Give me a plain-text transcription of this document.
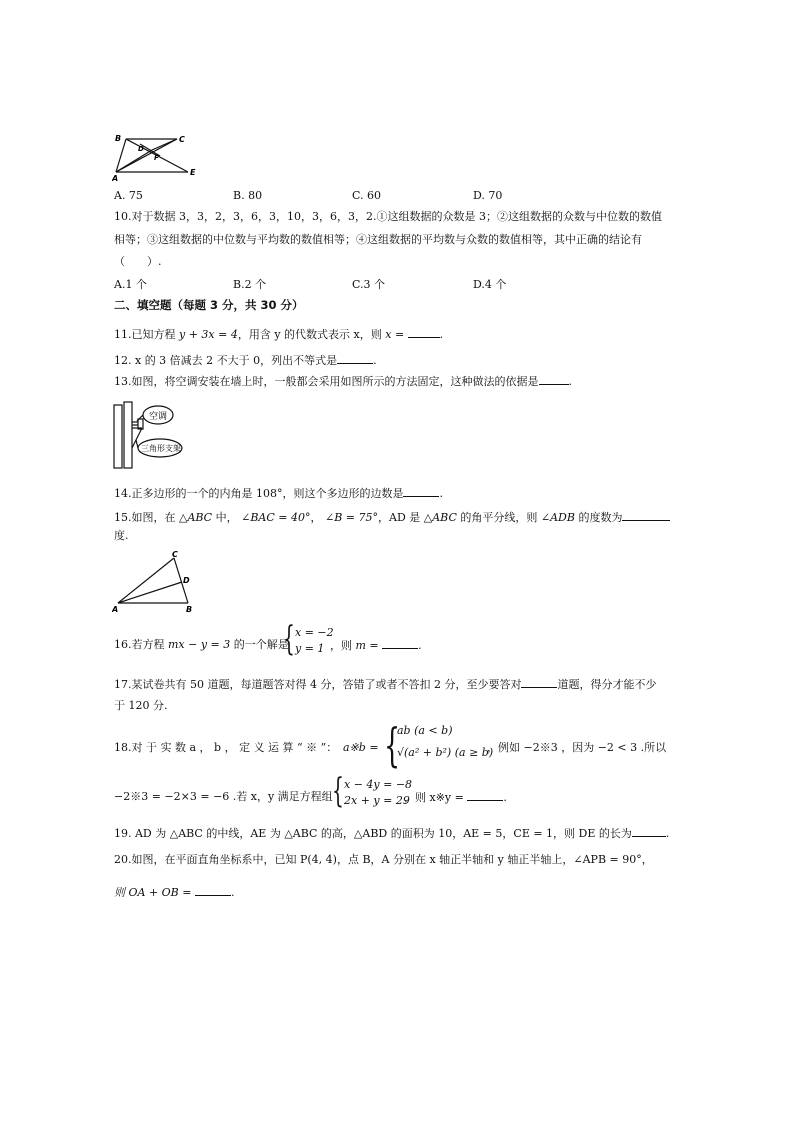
B	C
D
F
A
E
A. 75	B. 80	C. 60	D. 70
10.对于数据 3，3，2，3，6，3，10，3，6，3，2.①这组数据的众数是 3；②这组数据的众数与中位数的数值
相等；③这组数据的中位数与平均数的数值相等；④这组数据的平均数与众数的数值相等，其中正确的结论有
（　　）.
A.1 个	B.2 个	C.3 个	D.4 个
二、填空题（每题 3 分，共 30 分）
11.已知方程 y + 3x = 4，用含 y 的代数式表示 x，则 x =	.
12. x 的 3 倍减去 2 不大于 0，列出不等式是	.
13.如图，将空调安装在墙上时，一般都会采用如图所示的方法固定，这种做法的依据是	.
空调
三角形支架
14.正多边形的一个的内角是 108°，则这个多边形的边数是	.
15.如图，在 △ABC 中， ∠BAC = 40°， ∠B = 75°，AD 是 △ABC 的角平分线，则 ∠ADB 的度数为
度.
C
D
A	B
16.若方程 mx − y = 3 的一个解是
{ x = −2
y = 1 ，则 m =	.
17.某试卷共有 50 道题，每道题答对得 4 分，答错了或者不答扣 2 分，至少要答对	道题，得分才能不少
于 120 分.
18.对 于 实 数 a ， b ， 定 义 运 算 “ ※ ”： a※b = {
ab (a < b)
√(a² + b²) (a ≥ b)
，例如 −2※3 ，因为 −2 < 3 .所以
−2※3 = −2×3 = −6 .若 x，y 满足方程组 { x − 4y = −8
2x + y = 29
，则 x※y =	.
19. AD 为 △ABC 的中线，AE 为 △ABC 的高，△ABD 的面积为 10，AE = 5，CE = 1，则 DE 的长为	.
20.如图，在平面直角坐标系中，已知 P(4, 4)，点 B，A 分别在 x 轴正半轴和 y 轴正半轴上，∠APB = 90°，
则 OA + OB =	.
